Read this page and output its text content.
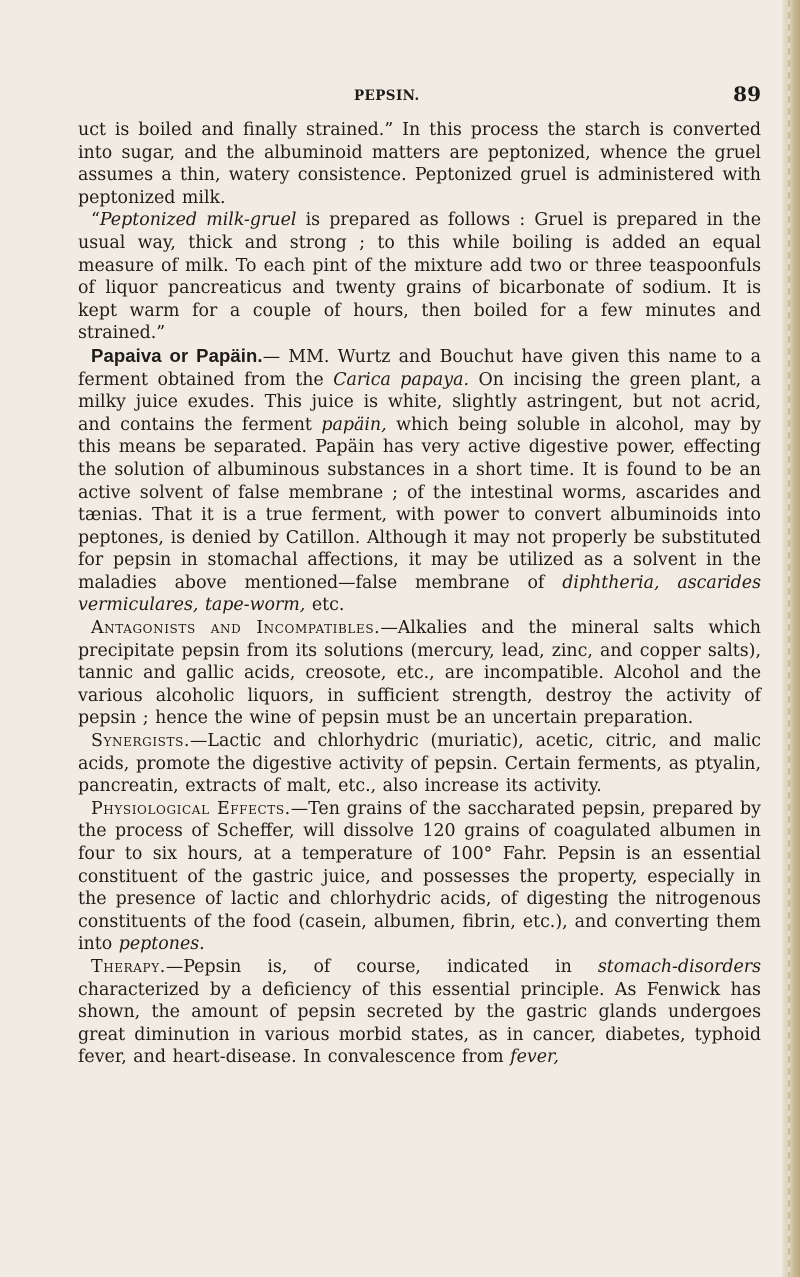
PEPSIN.	89

uct is boiled and finally strained.” In this process the starch is converted into sugar, and the albuminoid matters are peptonized, whence the gruel assumes a thin, watery consistence. Peptonized gruel is administered with peptonized milk.

“Peptonized milk-gruel is prepared as follows : Gruel is prepared in the usual way, thick and strong ; to this while boiling is added an equal measure of milk. To each pint of the mixture add two or three teaspoonfuls of liquor pancreaticus and twenty grains of bicarbonate of sodium. It is kept warm for a couple of hours, then boiled for a few minutes and strained.”

Papaiva or Papäin.— MM. Wurtz and Bouchut have given this name to a ferment obtained from the Carica papaya. On incising the green plant, a milky juice exudes. This juice is white, slightly astringent, but not acrid, and contains the ferment papäin, which being soluble in alcohol, may by this means be separated. Papäin has very active digestive power, effecting the solution of albuminous substances in a short time. It is found to be an active solvent of false membrane ; of the intestinal worms, ascarides and tænias. That it is a true ferment, with power to convert albuminoids into peptones, is denied by Catillon. Although it may not properly be substituted for pepsin in stomachal affections, it may be utilized as a solvent in the maladies above mentioned—false membrane of diphtheria, ascarides vermiculares, tape-worm, etc.

Antagonists and Incompatibles.—Alkalies and the mineral salts which precipitate pepsin from its solutions (mercury, lead, zinc, and copper salts), tannic and gallic acids, creosote, etc., are incompatible. Alcohol and the various alcoholic liquors, in sufficient strength, destroy the activity of pepsin ; hence the wine of pepsin must be an uncertain preparation.

Synergists.—Lactic and chlorhydric (muriatic), acetic, citric, and malic acids, promote the digestive activity of pepsin. Certain ferments, as ptyalin, pancreatin, extracts of malt, etc., also increase its activity.

Physiological Effects.—Ten grains of the saccharated pepsin, prepared by the process of Scheffer, will dissolve 120 grains of coagulated albumen in four to six hours, at a temperature of 100° Fahr. Pepsin is an essential constituent of the gastric juice, and possesses the property, especially in the presence of lactic and chlorhydric acids, of digesting the nitrogenous constituents of the food (casein, albumen, fibrin, etc.), and converting them into peptones.

Therapy.—Pepsin is, of course, indicated in stomach-disorders characterized by a deficiency of this essential principle. As Fenwick has shown, the amount of pepsin secreted by the gastric glands undergoes great diminution in various morbid states, as in cancer, diabetes, typhoid fever, and heart-disease. In convalescence from fever,
